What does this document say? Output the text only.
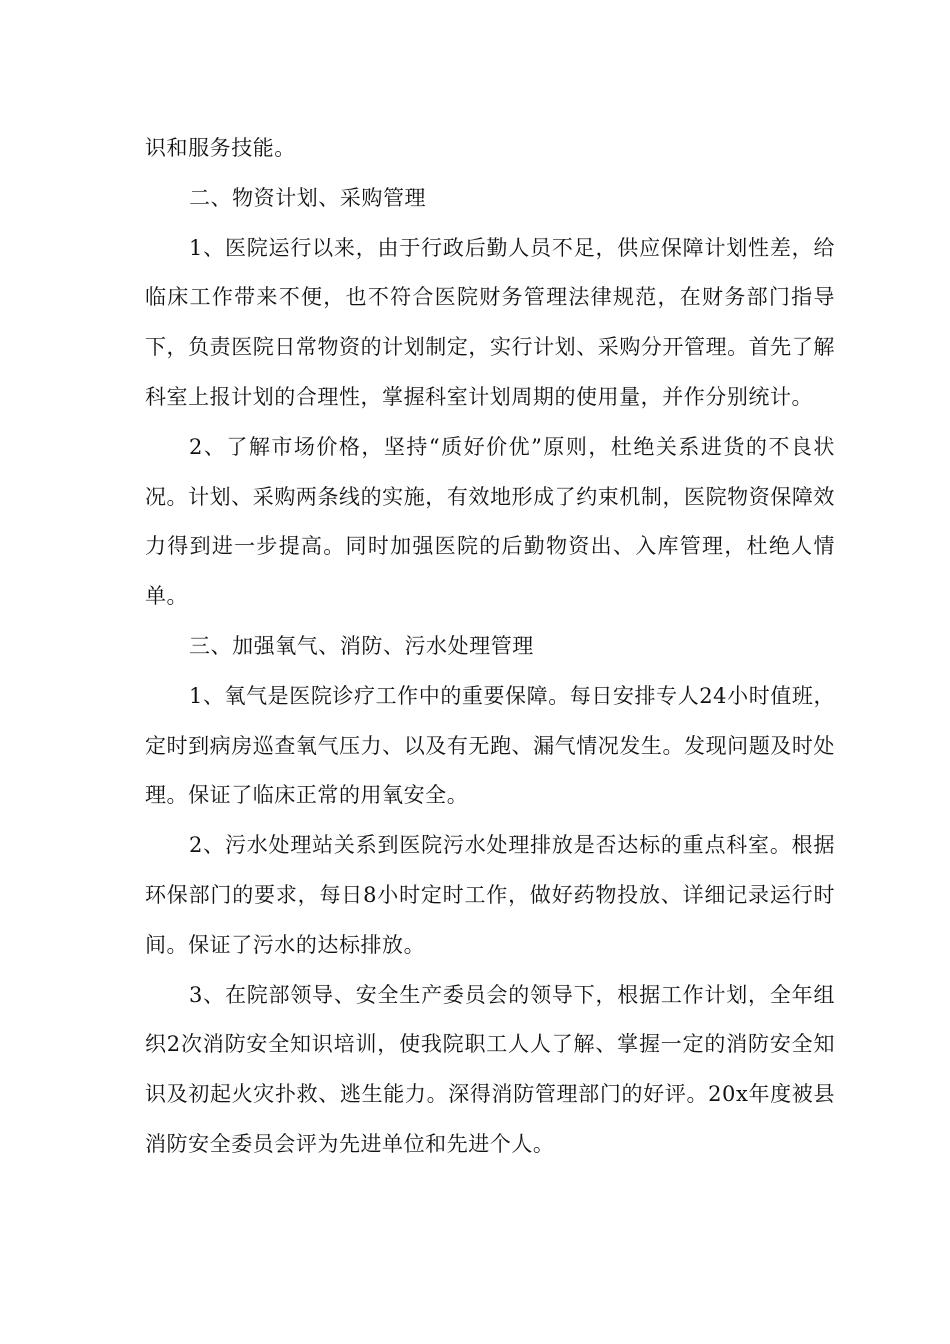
识和服务技能。

二、物资计划、采购管理

1、医院运行以来，由于行政后勤人员不足，供应保障计划性差，给临床工作带来不便，也不符合医院财务管理法律规范，在财务部门指导下，负责医院日常物资的计划制定，实行计划、采购分开管理。首先了解科室上报计划的合理性，掌握科室计划周期的使用量，并作分别统计。

2、了解市场价格，坚持“质好价优”原则，杜绝关系进货的不良状况。计划、采购两条线的实施，有效地形成了约束机制，医院物资保障效力得到进一步提高。同时加强医院的后勤物资出、入库管理，杜绝人情单。

三、加强氧气、消防、污水处理管理

1、氧气是医院诊疗工作中的重要保障。每日安排专人24小时值班，定时到病房巡查氧气压力、以及有无跑、漏气情况发生。发现问题及时处理。保证了临床正常的用氧安全。

2、污水处理站关系到医院污水处理排放是否达标的重点科室。根据环保部门的要求，每日8小时定时工作，做好药物投放、详细记录运行时间。保证了污水的达标排放。

3、在院部领导、安全生产委员会的领导下，根据工作计划，全年组织2次消防安全知识培训，使我院职工人人了解、掌握一定的消防安全知识及初起火灾扑救、逃生能力。深得消防管理部门的好评。20x年度被县消防安全委员会评为先进单位和先进个人。
